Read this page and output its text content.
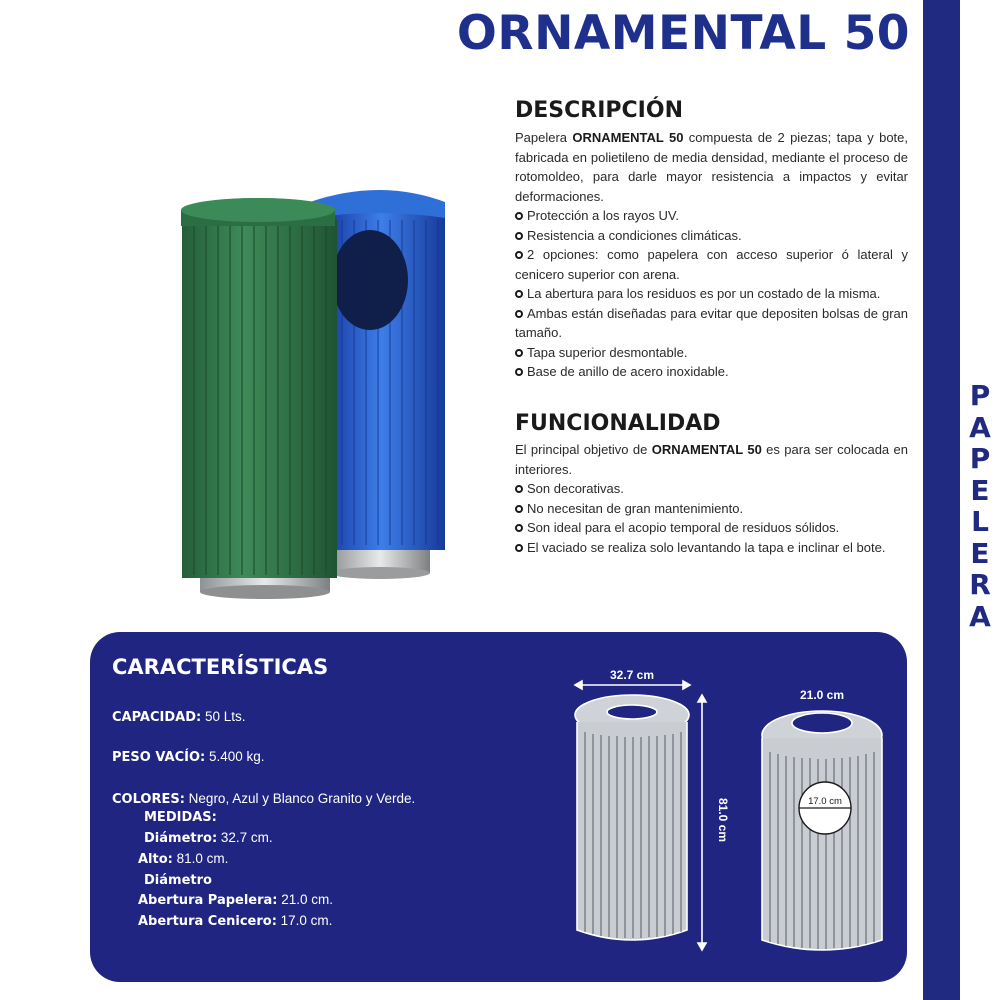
P
A
P
E
L
E
R
A
ORNAMENTAL 50
DESCRIPCIÓN
Papelera ORNAMENTAL 50 compuesta de 2 piezas; tapa y bote, fabricada en polietileno de media densidad, mediante el proceso de rotomoldeo, para darle mayor resistencia a impactos y evitar deformaciones.
Protección a los rayos UV.
Resistencia a condiciones climáticas.
2 opciones: como papelera con acceso superior ó lateral y cenicero superior con arena.
La abertura para los residuos es por un costado de la misma.
Ambas están diseñadas para evitar que depositen bolsas de gran tamaño.
Tapa superior desmontable.
Base de anillo de acero inoxidable.
FUNCIONALIDAD
El principal objetivo de ORNAMENTAL 50 es para ser colocada en interiores.
Son decorativas.
No necesitan de gran mantenimiento.
Son ideal para el acopio temporal de residuos sólidos.
El vaciado se realiza solo levantando la tapa e inclinar el bote.
CARACTERÍSTICAS
CAPACIDAD: 50 Lts.
PESO VACÍO: 5.400 kg.
COLORES: Negro, Azul y Blanco Granito y Verde.
MEDIDAS:
Diámetro: 32.7 cm.
Alto: 81.0 cm.
Diámetro
Abertura Papelera: 21.0 cm.
Abertura Cenicero: 17.0 cm.
32.7 cm
81.0 cm
21.0 cm
17.0 cm
